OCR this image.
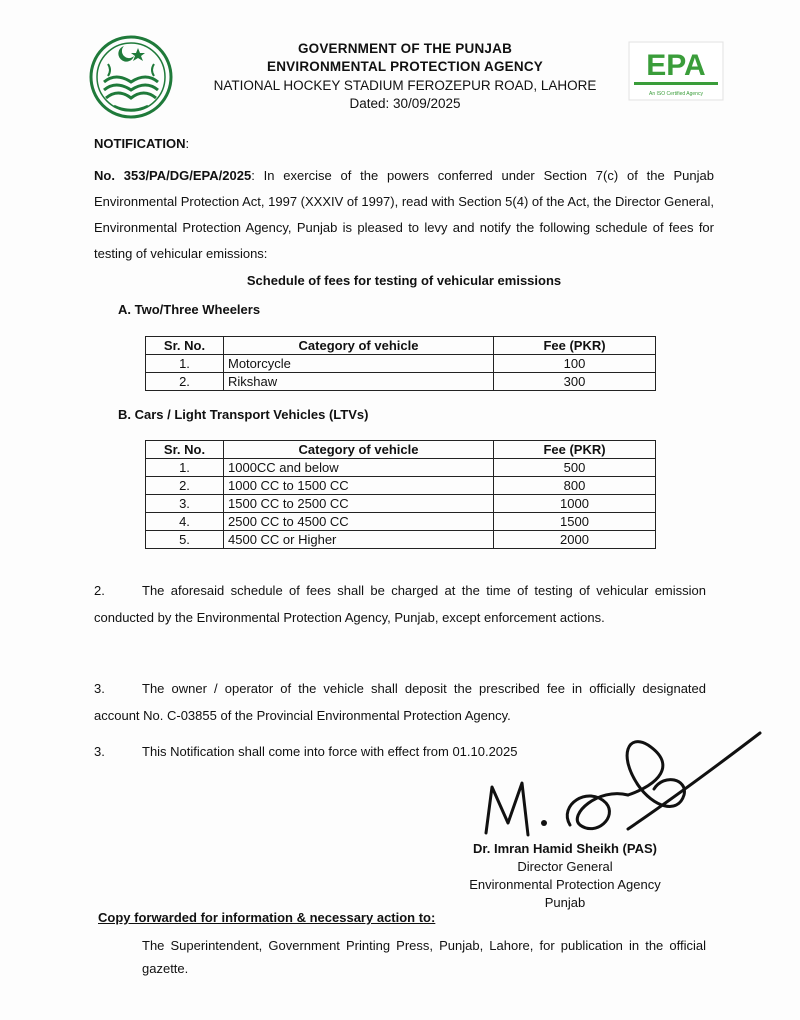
GOVERNMENT OF THE PUNJAB
ENVIRONMENTAL PROTECTION AGENCY
NATIONAL HOCKEY STADIUM FEROZEPUR ROAD, LAHORE
Dated: 30/09/2025
EPA
An ISO Certified Agency
NOTIFICATION:
No. 353/PA/DG/EPA/2025: In exercise of the powers conferred under Section 7(c) of the Punjab Environmental Protection Act, 1997 (XXXIV of 1997), read with Section 5(4) of the Act, the Director General, Environmental Protection Agency, Punjab is pleased to levy and notify the following schedule of fees for testing of vehicular emissions:
Schedule of fees for testing of vehicular emissions
A. Two/Three Wheelers
Sr. No.	Category of vehicle	Fee (PKR)
1.	Motorcycle	100
2.	Rikshaw	300
B. Cars / Light Transport Vehicles (LTVs)
Sr. No.	Category of vehicle	Fee (PKR)
1.	1000CC and below	500
2.	1000 CC to 1500 CC	800
3.	1500 CC to 2500 CC	1000
4.	2500 CC to 4500 CC	1500
5.	4500 CC or Higher	2000
2.	The aforesaid schedule of fees shall be charged at the time of testing of vehicular emission conducted by the Environmental Protection Agency, Punjab, except enforcement actions.
3.	The owner / operator of the vehicle shall deposit the prescribed fee in officially designated account No. C-03855 of the Provincial Environmental Protection Agency.
3.	This Notification shall come into force with effect from 01.10.2025
Dr. Imran Hamid Sheikh (PAS)
Director General
Environmental Protection Agency
Punjab
Copy forwarded for information & necessary action to:
The Superintendent, Government Printing Press, Punjab, Lahore, for publication in the official gazette.
